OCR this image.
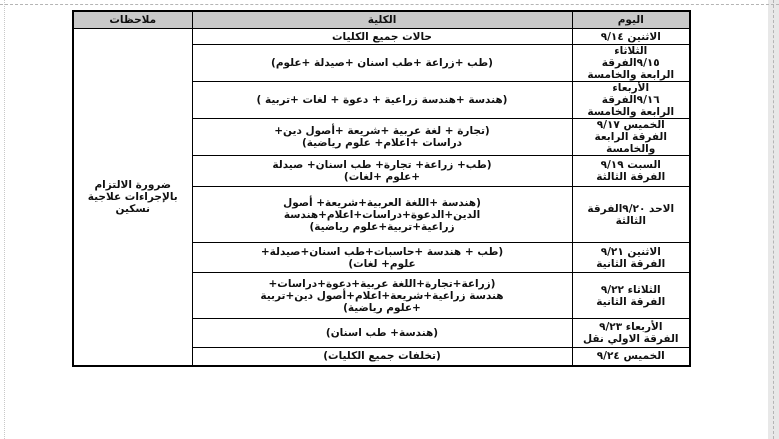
اليوم	الكلية	ملاحظات

الاثنين ٩/١٤	حالات جميع الكليات	ضرورة الالتزام بالإجراءات علاجية نسكين

الثلاثاء
٩/١٥الفرقة
الرابعة والخامسة	(طب +زراعة +طب اسنان +صيدلة +علوم)	

الأربعاء
٩/١٦الفرقة
الرابعة والخامسة	(هندسة +هندسة زراعية + دعوة + لغات +تربية )	

الخميس ٩/١٧
الفرقة الرابعة
والخامسة	(تجارة + لغة عربية +شريعة +أصول دين+
دراسات +اعلام+ علوم رياضية)	

السبت ٩/١٩
الفرقة الثالثة	(طب+ زراعة+ تجارة+ طب اسنان+ صيدلة
+علوم +لغات)	

الاحد ٩/٢٠الفرقة
الثالثة	(هندسة +اللغة العربية+شريعة+ أصول
الدين+الدعوة+دراسات+اعلام+هندسة
زراعية+تربية+علوم رياضية)	

الاثنين ٩/٢١
الفرقة الثانية	(طب + هندسة +حاسبات+طب اسنان+صيدلة+
علوم+ لغات)	

الثلاثاء ٩/٢٢
الفرقة الثانية	(زراعة+تجارة+اللغة عربية+دعوة+دراسات+
هندسة زراعية+شريعة+اعلام+أصول دين+تربية
+علوم رياضية)	

الأربعاء ٩/٢٣
الفرقة الاولي نقل	(هندسة+ طب اسنان)	

الخميس ٩/٢٤	(تخلفات جميع الكليات)	
